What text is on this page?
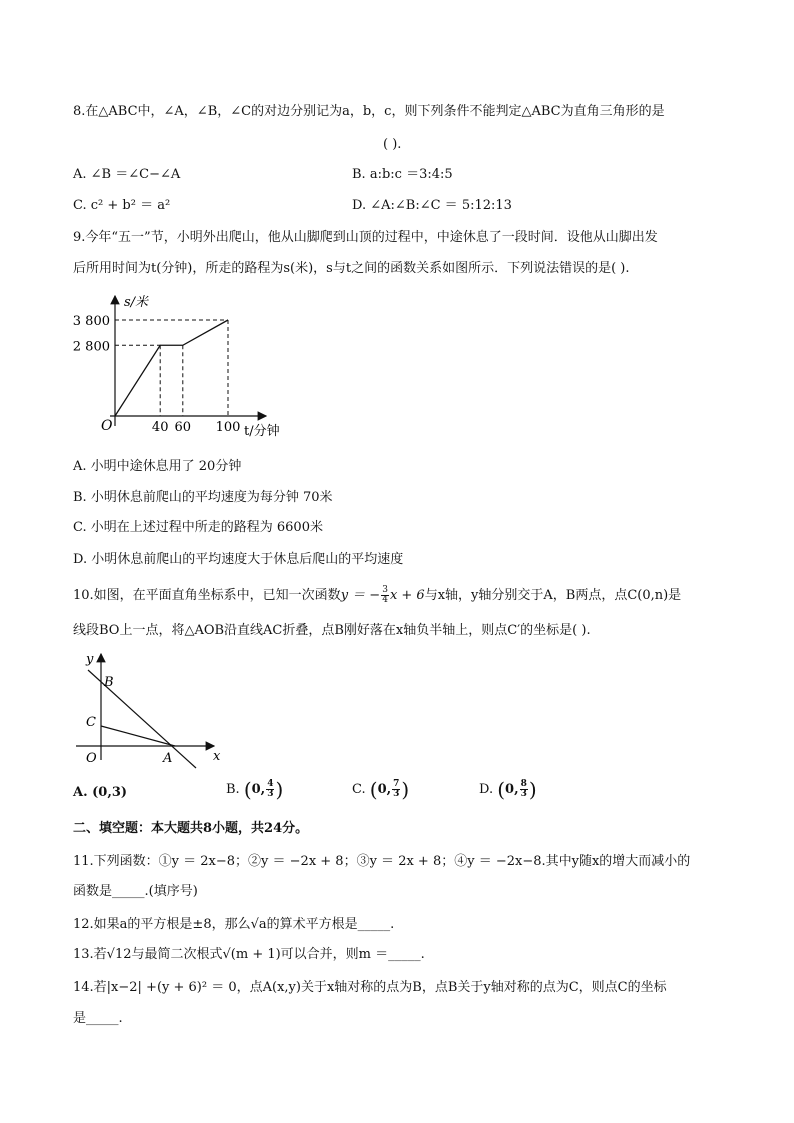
8.在△ABC中，∠A，∠B，∠C的对边分别记为a，b，c，则下列条件不能判定△ABC为直角三角形的是
( ).
A. ∠B ＝∠C−∠A	B. a:b:c ＝3:4:5
C. c² + b² ＝ a²	D. ∠A:∠B:∠C ＝ 5:12:13
9.今年“五一”节，小明外出爬山，他从山脚爬到山顶的过程中，中途休息了一段时间．设他从山脚出发
后所用时间为t(分钟)，所走的路程为s(米)，s与t之间的函数关系如图所示．下列说法错误的是( ).
s/米
t/分钟
O
3 800
2 800
40 60 100
A. 小明中途休息用了 20分钟
B. 小明休息前爬山的平均速度为每分钟 70米
C. 小明在上述过程中所走的路程为 6600米
D. 小明休息前爬山的平均速度大于休息后爬山的平均速度
10.如图，在平面直角坐标系中，已知一次函数y ＝ − $\frac{3}{4}$ x + 6与x轴，y轴分别交于A，B两点，点C(0,n)是
线段BO上一点，将△AOB沿直线AC折叠，点B刚好落在x轴负半轴上，则点C′的坐标是( ).
y
B
C
O	A	x
A. (0,3)	B. (0, $\frac{4}{3}$ )	C. (0, $\frac{7}{3}$ )	D. (0, $\frac{8}{3}$ )
二、填空题：本大题共8小题，共24分。
11.下列函数：①y ＝ 2x−8；②y ＝ −2x + 8；③y ＝ 2x + 8；④y ＝ −2x−8.其中y随x的增大而减小的
函数是_____.(填序号)
12.如果a的平方根是±8，那么√a的算术平方根是_____.
13.若√12与最简二次根式√(m + 1)可以合并，则m ＝_____.
14.若|x−2| +(y + 6)² ＝ 0，点A(x,y)关于x轴对称的点为B，点B关于y轴对称的点为C，则点C的坐标
是_____.
